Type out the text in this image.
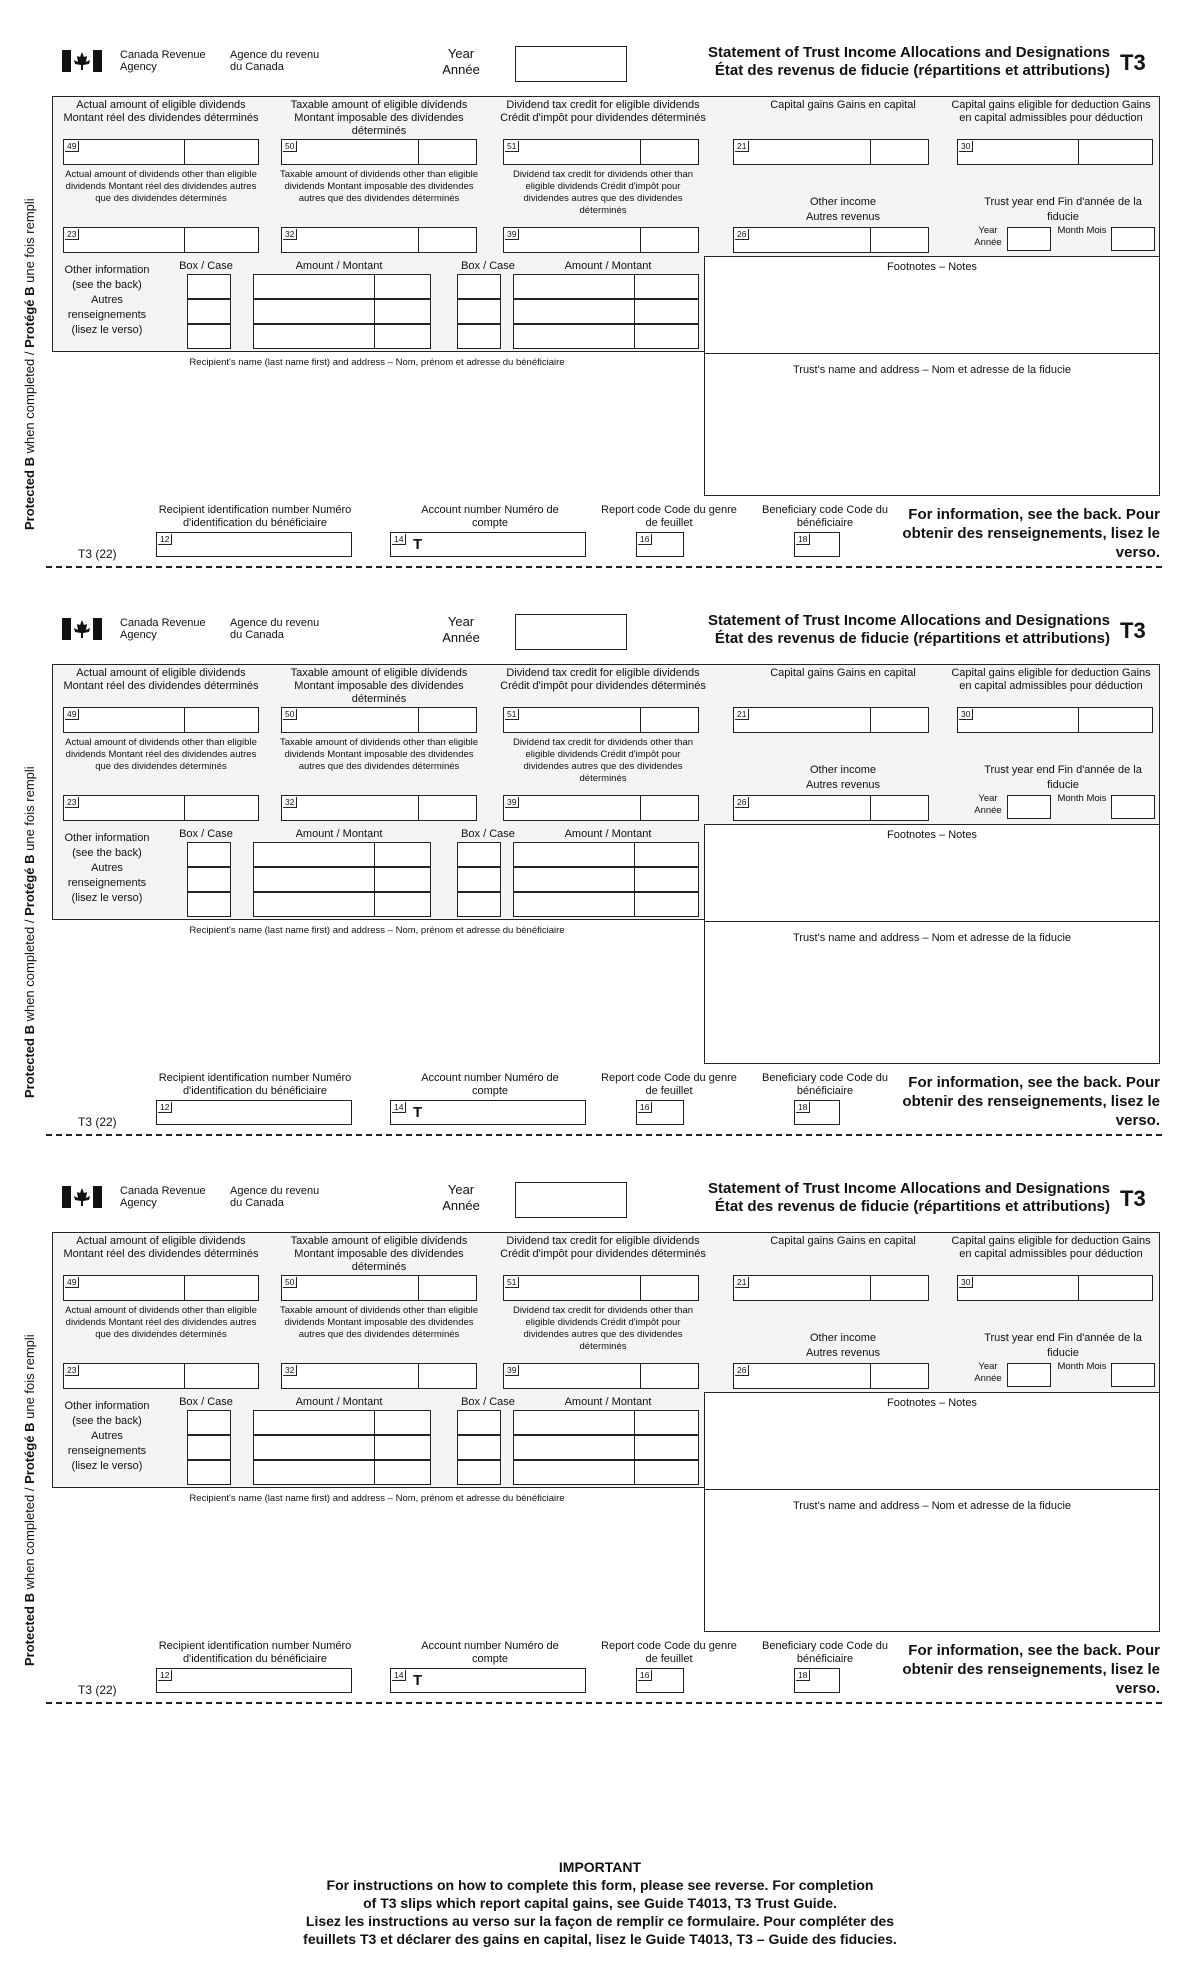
Protected B when completed / Protégé B une fois rempli
Canada Revenue Agency
Agence du revenu du Canada
Year Année
Statement of Trust Income Allocations and Designations
État des revenus de fiducie (répartitions et attributions) T3
Actual amount of eligible dividends Montant réel des dividendes déterminés
49
Taxable amount of eligible dividends Montant imposable des dividendes déterminés
50
Dividend tax credit for eligible dividends Crédit d'impôt pour dividendes déterminés
51
Capital gains Gains en capital
21
Capital gains eligible for deduction Gains en capital admissibles pour déduction
30
Actual amount of dividends other than eligible dividends Montant réel des dividendes autres que des dividendes déterminés
23
Taxable amount of dividends other than eligible dividends Montant imposable des dividendes autres que des dividendes déterminés
32
Dividend tax credit for dividends other than eligible dividends Crédit d'impôt pour dividendes autres que des dividendes déterminés
39
Other income Autres revenus
26
Trust year end Fin d'année de la fiducie
Year Année
Month Mois
Other information (see the back) Autres renseignements (lisez le verso)
Box / Case	Amount / Montant	Box / Case	Amount / Montant	Footnotes – Notes
Recipient's name (last name first) and address – Nom, prénom et adresse du bénéficiaire
Trust's name and address – Nom et adresse de la fiducie
Recipient identification number Numéro d'identification du bénéficiaire
12
Account number Numéro de compte
14 T
Report code Code du genre de feuillet
16
Beneficiary code Code du bénéficiaire
18
T3 (22)
For information, see the back. Pour obtenir des renseignements, lisez le verso.
Protected B when completed / Protégé B une fois rempli
Canada Revenue Agency
Agence du revenu du Canada
Year Année
Statement of Trust Income Allocations and Designations
État des revenus de fiducie (répartitions et attributions) T3
Actual amount of eligible dividends Montant réel des dividendes déterminés
49
Taxable amount of eligible dividends Montant imposable des dividendes déterminés
50
Dividend tax credit for eligible dividends Crédit d'impôt pour dividendes déterminés
51
Capital gains Gains en capital
21
Capital gains eligible for deduction Gains en capital admissibles pour déduction
30
Actual amount of dividends other than eligible dividends Montant réel des dividendes autres que des dividendes déterminés
23
Taxable amount of dividends other than eligible dividends Montant imposable des dividendes autres que des dividendes déterminés
32
Dividend tax credit for dividends other than eligible dividends Crédit d'impôt pour dividendes autres que des dividendes déterminés
39
Other income Autres revenus
26
Trust year end Fin d'année de la fiducie
Year Année
Month Mois
Other information (see the back) Autres renseignements (lisez le verso)
Box / Case	Amount / Montant	Box / Case	Amount / Montant	Footnotes – Notes
Recipient's name (last name first) and address – Nom, prénom et adresse du bénéficiaire
Trust's name and address – Nom et adresse de la fiducie
Recipient identification number Numéro d'identification du bénéficiaire
12
Account number Numéro de compte
14 T
Report code Code du genre de feuillet
16
Beneficiary code Code du bénéficiaire
18
T3 (22)
For information, see the back. Pour obtenir des renseignements, lisez le verso.
Protected B when completed / Protégé B une fois rempli
Canada Revenue Agency
Agence du revenu du Canada
Year Année
Statement of Trust Income Allocations and Designations
État des revenus de fiducie (répartitions et attributions) T3
Actual amount of eligible dividends Montant réel des dividendes déterminés
49
Taxable amount of eligible dividends Montant imposable des dividendes déterminés
50
Dividend tax credit for eligible dividends Crédit d'impôt pour dividendes déterminés
51
Capital gains Gains en capital
21
Capital gains eligible for deduction Gains en capital admissibles pour déduction
30
Actual amount of dividends other than eligible dividends Montant réel des dividendes autres que des dividendes déterminés
23
Taxable amount of dividends other than eligible dividends Montant imposable des dividendes autres que des dividendes déterminés
32
Dividend tax credit for dividends other than eligible dividends Crédit d'impôt pour dividendes autres que des dividendes déterminés
39
Other income Autres revenus
26
Trust year end Fin d'année de la fiducie
Year Année
Month Mois
Other information (see the back) Autres renseignements (lisez le verso)
Box / Case	Amount / Montant	Box / Case	Amount / Montant	Footnotes – Notes
Recipient's name (last name first) and address – Nom, prénom et adresse du bénéficiaire
Trust's name and address – Nom et adresse de la fiducie
Recipient identification number Numéro d'identification du bénéficiaire
12
Account number Numéro de compte
14 T
Report code Code du genre de feuillet
16
Beneficiary code Code du bénéficiaire
18
T3 (22)
For information, see the back. Pour obtenir des renseignements, lisez le verso.
IMPORTANT
For instructions on how to complete this form, please see reverse. For completion
of T3 slips which report capital gains, see Guide T4013, T3 Trust Guide.
Lisez les instructions au verso sur la façon de remplir ce formulaire. Pour compléter des
feuillets T3 et déclarer des gains en capital, lisez le Guide T4013, T3 – Guide des fiducies.
